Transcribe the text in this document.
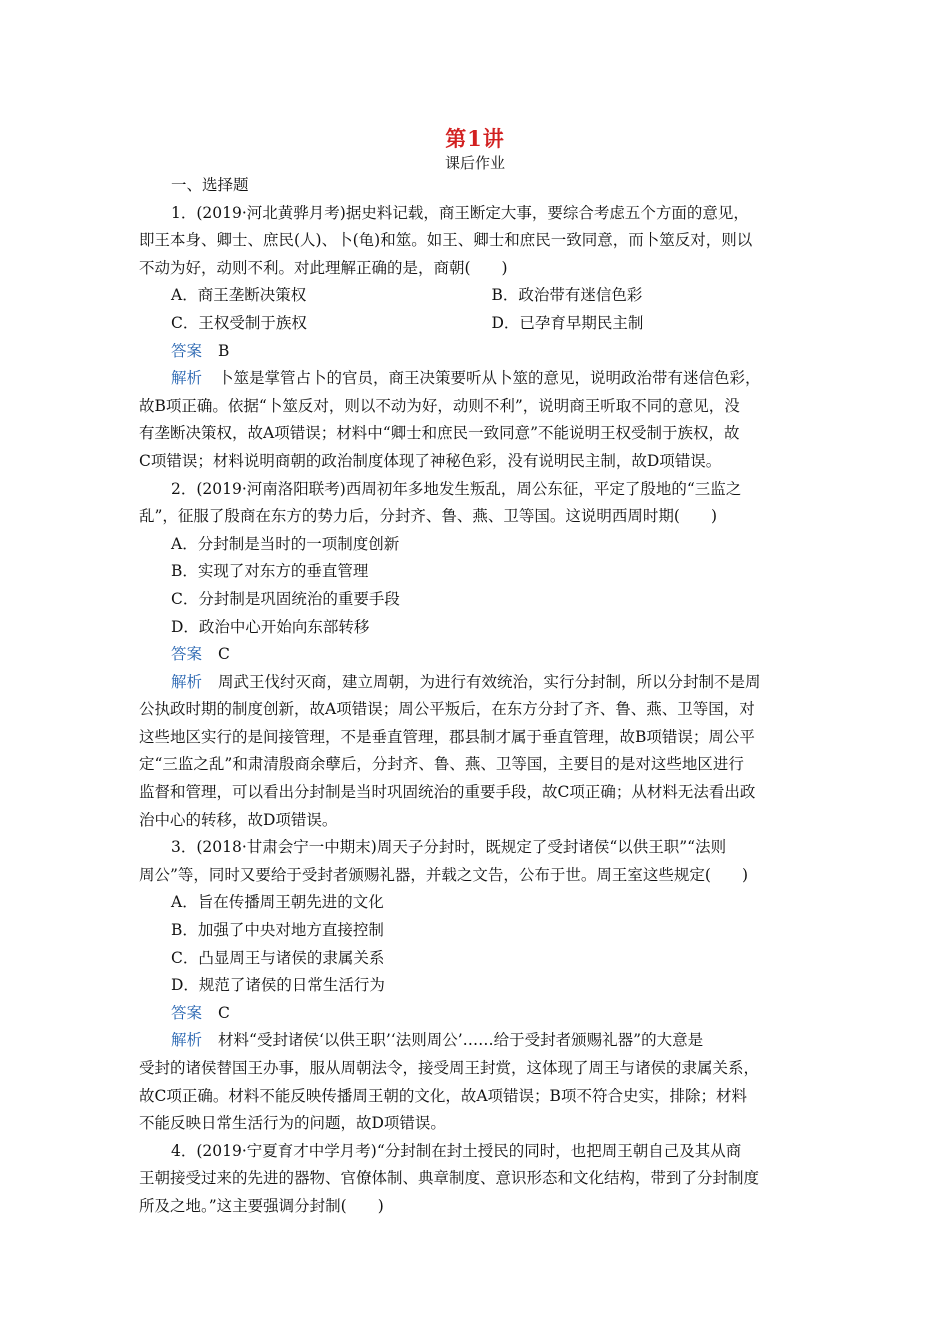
第1讲
课后作业
一、选择题
1．(2019·河北黄骅月考)据史料记载，商王断定大事，要综合考虑五个方面的意见，
即王本身、卿士、庶民(人)、卜(龟)和筮。如王、卿士和庶民一致同意，而卜筮反对，则以
不动为好，动则不利。对此理解正确的是，商朝(　　)
A．商王垄断决策权	B．政治带有迷信色彩
C．王权受制于族权	D．已孕育早期民主制
答案 B
解析 卜筮是掌管占卜的官员，商王决策要听从卜筮的意见，说明政治带有迷信色彩，
故B项正确。依据“卜筮反对，则以不动为好，动则不利”，说明商王听取不同的意见，没
有垄断决策权，故A项错误；材料中“卿士和庶民一致同意”不能说明王权受制于族权，故
C项错误；材料说明商朝的政治制度体现了神秘色彩，没有说明民主制，故D项错误。
2．(2019·河南洛阳联考)西周初年多地发生叛乱，周公东征，平定了殷地的“三监之
乱”，征服了殷商在东方的势力后，分封齐、鲁、燕、卫等国。这说明西周时期(　　)
A．分封制是当时的一项制度创新
B．实现了对东方的垂直管理
C．分封制是巩固统治的重要手段
D．政治中心开始向东部转移
答案 C
解析 周武王伐纣灭商，建立周朝，为进行有效统治，实行分封制，所以分封制不是周
公执政时期的制度创新，故A项错误；周公平叛后，在东方分封了齐、鲁、燕、卫等国，对
这些地区实行的是间接管理，不是垂直管理，郡县制才属于垂直管理，故B项错误；周公平
定“三监之乱”和肃清殷商余孽后，分封齐、鲁、燕、卫等国，主要目的是对这些地区进行
监督和管理，可以看出分封制是当时巩固统治的重要手段，故C项正确；从材料无法看出政
治中心的转移，故D项错误。
3．(2018·甘肃会宁一中期末)周天子分封时，既规定了受封诸侯“以供王职”“法则
周公”等，同时又要给于受封者颁赐礼器，并载之文告，公布于世。周王室这些规定(　　)
A．旨在传播周王朝先进的文化
B．加强了中央对地方直接控制
C．凸显周王与诸侯的隶属关系
D．规范了诸侯的日常生活行为
答案 C
解析 材料“受封诸侯‘以供王职’‘法则周公’……给于受封者颁赐礼器”的大意是
受封的诸侯替国王办事，服从周朝法令，接受周王封赏，这体现了周王与诸侯的隶属关系，
故C项正确。材料不能反映传播周王朝的文化，故A项错误；B项不符合史实，排除；材料
不能反映日常生活行为的问题，故D项错误。
4．(2019·宁夏育才中学月考)“分封制在封土授民的同时，也把周王朝自己及其从商
王朝接受过来的先进的器物、官僚体制、典章制度、意识形态和文化结构，带到了分封制度
所及之地。”这主要强调分封制(　　)
